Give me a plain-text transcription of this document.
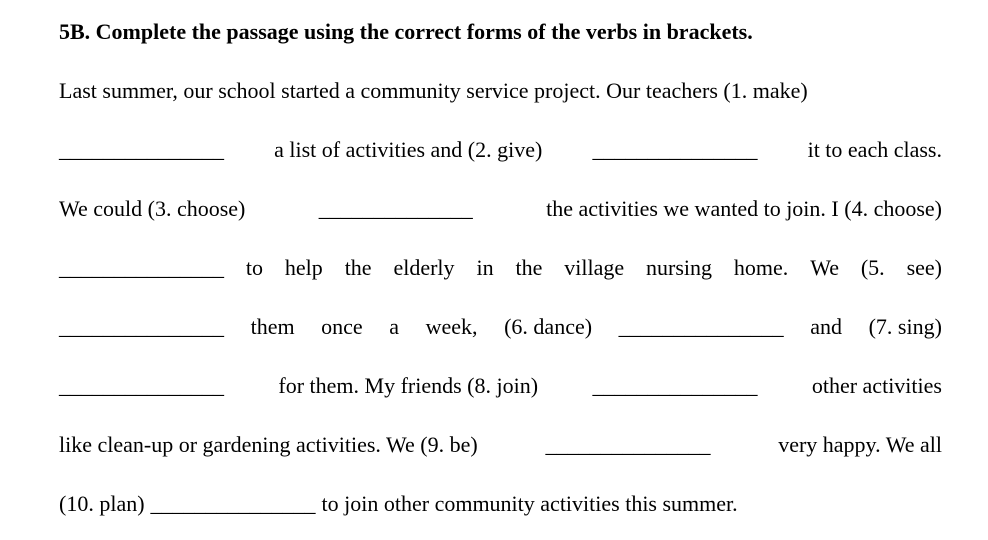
5B. Complete the passage using the correct forms of the verbs in brackets.
Last summer, our school started a community service project. Our teachers (1. make)
_______________ a list of activities and (2. give) _______________ it to each class.
We could (3. choose)	______________	the activities we wanted to join. I (4. choose)
_______________ to help the elderly in the village nursing home. We (5. see)
_______________ them once a week, (6. dance) _______________ and (7. sing)
_______________ for them. My friends (8. join) _______________ other activities
like clean-up or gardening activities. We (9. be)	_______________	very happy. We all
(10. plan) _______________ to join other community activities this summer.
